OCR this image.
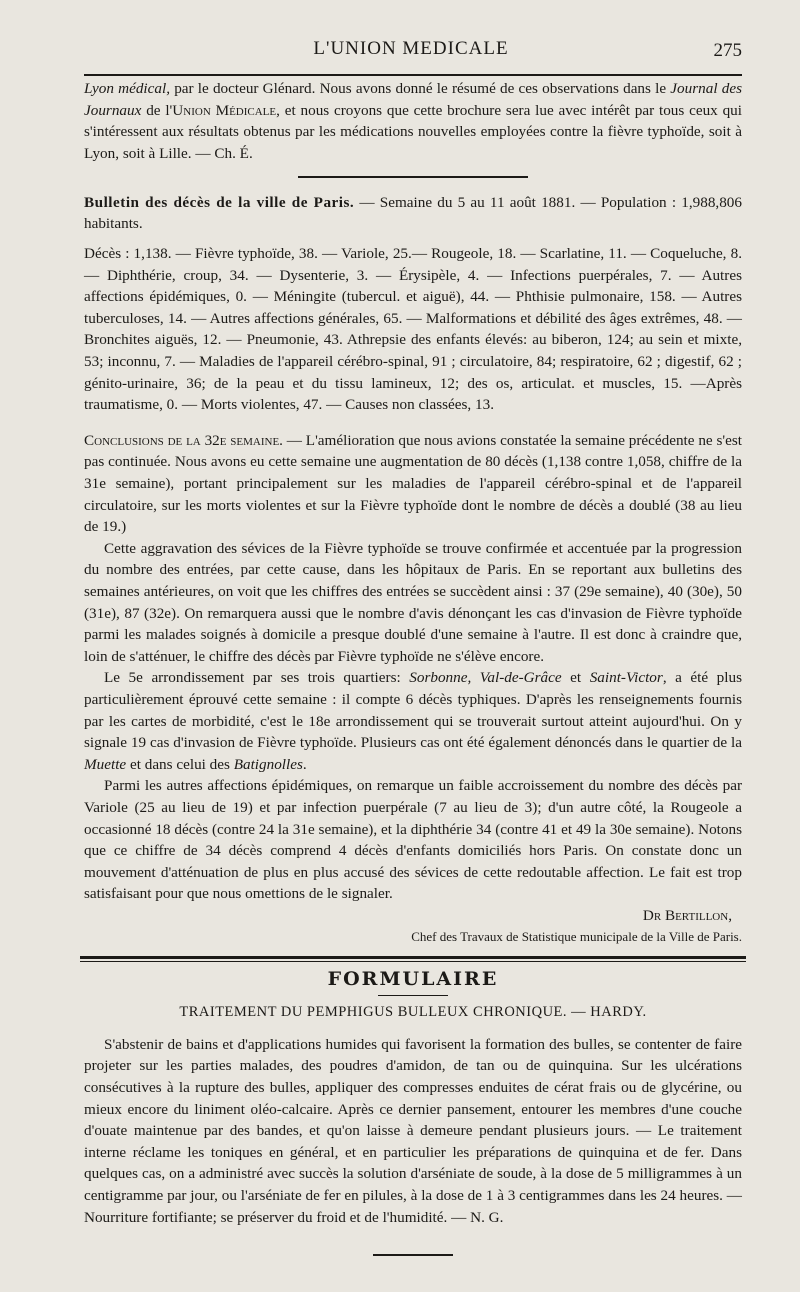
L'UNION MEDICALE	275

Lyon médical, par le docteur Glénard. Nous avons donné le résumé de ces observations dans le Journal des Journaux de l'Union Médicale, et nous croyons que cette brochure sera lue avec intérêt par tous ceux qui s'intéressent aux résultats obtenus par les médications nouvelles employées contre la fièvre typhoïde, soit à Lyon, soit à Lille. — Ch. É.

Bulletin des décès de la ville de Paris. — Semaine du 5 au 11 août 1881. — Population : 1,988,806 habitants.

Décès : 1,138. — Fièvre typhoïde, 38. — Variole, 25.— Rougeole, 18. — Scarlatine, 11. — Coqueluche, 8. — Diphthérie, croup, 34. — Dysenterie, 3. — Érysipèle, 4. — Infections puerpérales, 7. — Autres affections épidémiques, 0. — Méningite (tubercul. et aiguë), 44. — Phthisie pulmonaire, 158. — Autres tuberculoses, 14. — Autres affections générales, 65. — Malformations et débilité des âges extrêmes, 48. — Bronchites aiguës, 12. — Pneumonie, 43. Athrepsie des enfants élevés: au biberon, 124; au sein et mixte, 53; inconnu, 7. — Maladies de l'appareil cérébro-spinal, 91 ; circulatoire, 84; respiratoire, 62 ; digestif, 62 ; génito-urinaire, 36; de la peau et du tissu lamineux, 12; des os, articulat. et muscles, 15. —Après traumatisme, 0. — Morts violentes, 47. — Causes non classées, 13.

Conclusions de la 32e semaine. — L'amélioration que nous avions constatée la semaine précédente ne s'est pas continuée. Nous avons eu cette semaine une augmentation de 80 décès (1,138 contre 1,058, chiffre de la 31e semaine), portant principalement sur les maladies de l'appareil cérébro-spinal et de l'appareil circulatoire, sur les morts violentes et sur la Fièvre typhoïde dont le nombre de décès a doublé (38 au lieu de 19.)

Cette aggravation des sévices de la Fièvre typhoïde se trouve confirmée et accentuée par la progression du nombre des entrées, par cette cause, dans les hôpitaux de Paris. En se reportant aux bulletins des semaines antérieures, on voit que les chiffres des entrées se succèdent ainsi : 37 (29e semaine), 40 (30e), 50 (31e), 87 (32e). On remarquera aussi que le nombre d'avis dénonçant les cas d'invasion de Fièvre typhoïde parmi les malades soignés à domicile a presque doublé d'une semaine à l'autre. Il est donc à craindre que, loin de s'atténuer, le chiffre des décès par Fièvre typhoïde ne s'élève encore.

Le 5e arrondissement par ses trois quartiers: Sorbonne, Val-de-Grâce et Saint-Victor, a été plus particulièrement éprouvé cette semaine : il compte 6 décès typhiques. D'après les renseignements fournis par les cartes de morbidité, c'est le 18e arrondissement qui se trouverait surtout atteint aujourd'hui. On y signale 19 cas d'invasion de Fièvre typhoïde. Plusieurs cas ont été également dénoncés dans le quartier de la Muette et dans celui des Batignolles.

Parmi les autres affections épidémiques, on remarque un faible accroissement du nombre des décès par Variole (25 au lieu de 19) et par infection puerpérale (7 au lieu de 3); d'un autre côté, la Rougeole a occasionné 18 décès (contre 24 la 31e semaine), et la diphthérie 34 (contre 41 et 49 la 30e semaine). Notons que ce chiffre de 34 décès comprend 4 décès d'enfants domiciliés hors Paris. On constate donc un mouvement d'atténuation de plus en plus accusé des sévices de cette redoutable affection. Le fait est trop satisfaisant pour que nous omettions de le signaler.

Dr Bertillon,

Chef des Travaux de Statistique municipale de la Ville de Paris.

FORMULAIRE
TRAITEMENT DU PEMPHIGUS BULLEUX CHRONIQUE. — HARDY.

S'abstenir de bains et d'applications humides qui favorisent la formation des bulles, se contenter de faire projeter sur les parties malades, des poudres d'amidon, de tan ou de quinquina. Sur les ulcérations consécutives à la rupture des bulles, appliquer des compresses enduites de cérat frais ou de glycérine, ou mieux encore du liniment oléo-calcaire. Après ce dernier pansement, entourer les membres d'une couche d'ouate maintenue par des bandes, et qu'on laisse à demeure pendant plusieurs jours. — Le traitement interne réclame les toniques en général, et en particulier les préparations de quinquina et de fer. Dans quelques cas, on a administré avec succès la solution d'arséniate de soude, à la dose de 5 milligrammes à un centigramme par jour, ou l'arséniate de fer en pilules, à la dose de 1 à 3 centigrammes dans les 24 heures. — Nourriture fortifiante; se préserver du froid et de l'humidité. — N. G.
